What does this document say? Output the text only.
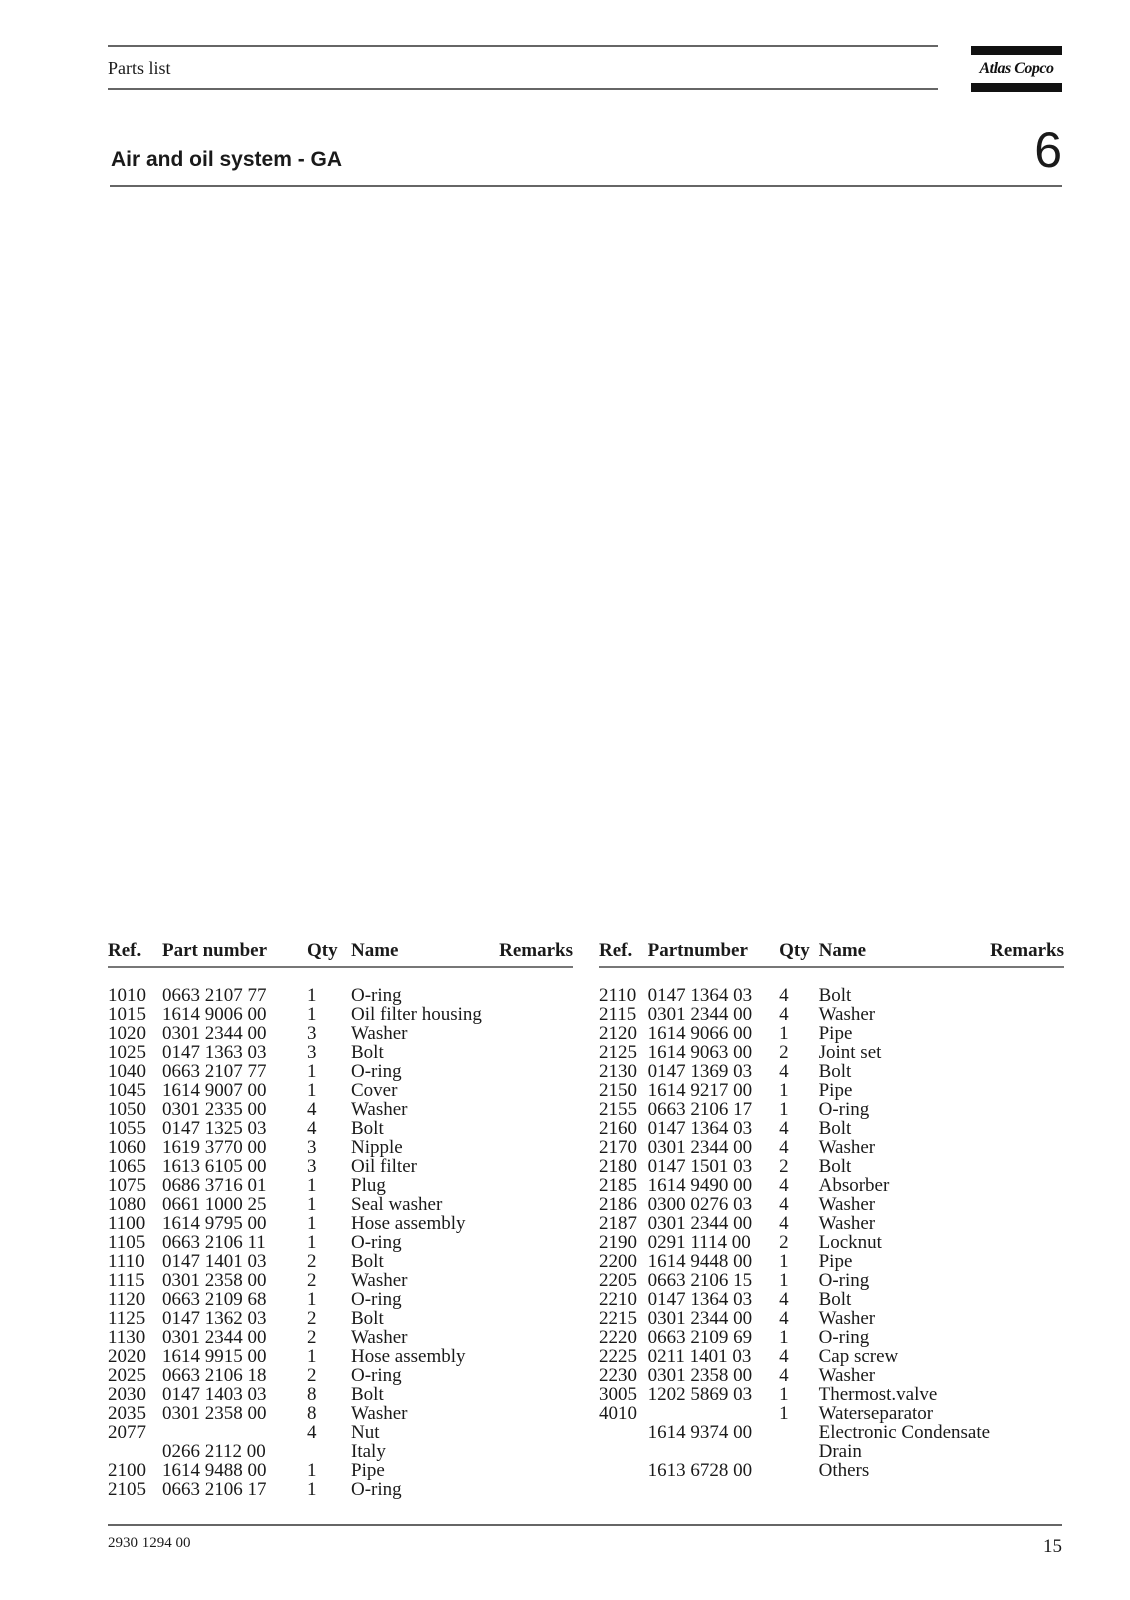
Parts list	Atlas Copco
Air and oil system - GA	6
Ref.	Part number	Qty	Name	Remarks
1010	0663 2107 77	1	O-ring	
1015	1614 9006 00	1	Oil filter housing	
1020	0301 2344 00	3	Washer	
1025	0147 1363 03	3	Bolt	
1040	0663 2107 77	1	O-ring	
1045	1614 9007 00	1	Cover	
1050	0301 2335 00	4	Washer	
1055	0147 1325 03	4	Bolt	
1060	1619 3770 00	3	Nipple	
1065	1613 6105 00	3	Oil filter	
1075	0686 3716 01	1	Plug	
1080	0661 1000 25	1	Seal washer	
1100	1614 9795 00	1	Hose assembly	
1105	0663 2106 11	1	O-ring	
1110	0147 1401 03	2	Bolt	
1115	0301 2358 00	2	Washer	
1120	0663 2109 68	1	O-ring	
1125	0147 1362 03	2	Bolt	
1130	0301 2344 00	2	Washer	
2020	1614 9915 00	1	Hose assembly	
2025	0663 2106 18	2	O-ring	
2030	0147 1403 03	8	Bolt	
2035	0301 2358 00	8	Washer	
2077		4	Nut	
	0266 2112 00		Italy	
2100	1614 9488 00	1	Pipe	
2105	0663 2106 17	1	O-ring	
Ref.	Partnumber	Qty	Name	Remarks
2110	0147 1364 03	4	Bolt	
2115	0301 2344 00	4	Washer	
2120	1614 9066 00	1	Pipe	
2125	1614 9063 00	2	Joint set	
2130	0147 1369 03	4	Bolt	
2150	1614 9217 00	1	Pipe	
2155	0663 2106 17	1	O-ring	
2160	0147 1364 03	4	Bolt	
2170	0301 2344 00	4	Washer	
2180	0147 1501 03	2	Bolt	
2185	1614 9490 00	4	Absorber	
2186	0300 0276 03	4	Washer	
2187	0301 2344 00	4	Washer	
2190	0291 1114 00	2	Locknut	
2200	1614 9448 00	1	Pipe	
2205	0663 2106 15	1	O-ring	
2210	0147 1364 03	4	Bolt	
2215	0301 2344 00	4	Washer	
2220	0663 2109 69	1	O-ring	
2225	0211 1401 03	4	Cap screw	
2230	0301 2358 00	4	Washer	
3005	1202 5869 03	1	Thermost.valve	
4010		1	Waterseparator	
	1614 9374 00		Electronic Condensate	
			Drain	
	1613 6728 00		Others	
2930 1294 00	15
